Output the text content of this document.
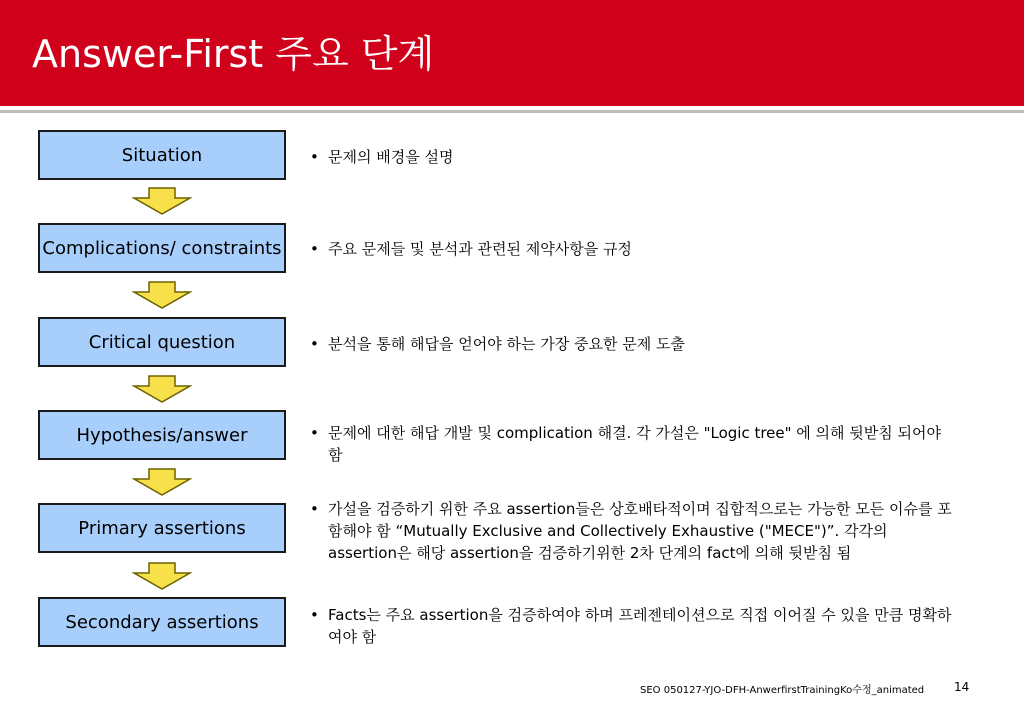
Answer-First 주요 단계
Situation
Complications/ constraints
Critical question
Hypothesis/answer
Primary assertions
Secondary assertions
• 문제의 배경을 설명
• 주요 문제들 및 분석과 관련된 제약사항을 규정
• 분석을 통해 해답을 얻어야 하는 가장 중요한 문제 도출
• 문제에 대한 해답 개발 및 complication 해결. 각 가설은 "Logic tree" 에 의해 뒷받침 되어야 함
• 가설을 검증하기 위한 주요 assertion들은 상호배타적이며 집합적으로는 가능한 모든 이슈를 포함해야 함 “Mutually Exclusive and Collectively Exhaustive ("MECE")”. 각각의 assertion은 해당 assertion을 검증하기위한 2차 단계의 fact에 의해 뒷받침 됨
• Facts는 주요 assertion을 검증하여야 하며 프레젠테이션으로 직접 이어질 수 있을 만큼 명확하여야 함
SEO 050127-YJO-DFH-AnwerfirstTrainingKo수정_animated 14
